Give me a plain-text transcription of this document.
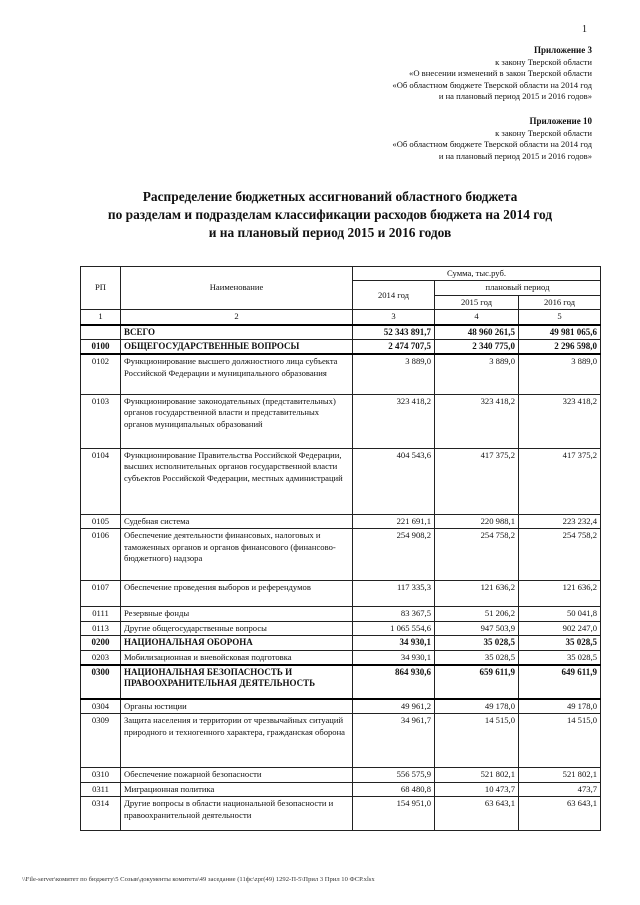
1
Приложение 3
к закону Тверской области
«О внесении изменений в закон Тверской области
«Об областном бюджете Тверской области на 2014 год
и на плановый период 2015 и 2016 годов»
Приложение 10
к закону Тверской области
«Об областном бюджете Тверской области на 2014 год
и на плановый период 2015 и 2016 годов»
Распределение бюджетных ассигнований областного бюджета
по разделам и подразделам классификации расходов бюджета на 2014 год
и на плановый период 2015 и 2016 годов
РП	Наименование	Сумма, тыс.руб.		
		2014 год	плановый период	
			2015 год	2016 год
1	2	3	4	5
	ВСЕГО	52 343 891,7	48 960 261,5	49 981 065,6
0100	ОБЩЕГОСУДАРСТВЕННЫЕ ВОПРОСЫ	2 474 707,5	2 340 775,0	2 296 598,0
0102	Функционирование высшего должностного лица субъекта Российской Федерации и муниципального образования	3 889,0	3 889,0	3 889,0
0103	Функционирование законодательных (представительных) органов государственной власти и представительных органов муниципальных образований	323 418,2	323 418,2	323 418,2
0104	Функционирование Правительства Российской Федерации, высших исполнительных органов государственной власти субъектов Российской Федерации, местных администраций	404 543,6	417 375,2	417 375,2
0105	Судебная система	221 691,1	220 988,1	223 232,4
0106	Обеспечение деятельности финансовых, налоговых и таможенных органов и органов финансового (финансово-бюджетного) надзора	254 908,2	254 758,2	254 758,2
0107	Обеспечение проведения выборов и референдумов	117 335,3	121 636,2	121 636,2
0111	Резервные фонды	83 367,5	51 206,2	50 041,8
0113	Другие общегосударственные вопросы	1 065 554,6	947 503,9	902 247,0
0200	НАЦИОНАЛЬНАЯ ОБОРОНА	34 930,1	35 028,5	35 028,5
0203	Мобилизационная и вневойсковая подготовка	34 930,1	35 028,5	35 028,5
0300	НАЦИОНАЛЬНАЯ БЕЗОПАСНОСТЬ И ПРАВООХРАНИТЕЛЬНАЯ ДЕЯТЕЛЬНОСТЬ	864 930,6	659 611,9	649 611,9
0304	Органы юстиции	49 961,2	49 178,0	49 178,0
0309	Защита населения и территории от чрезвычайных ситуаций природного и техногенного характера, гражданская оборона	34 961,7	14 515,0	14 515,0
0310	Обеспечение пожарной безопасности	556 575,9	521 802,1	521 802,1
0311	Миграционная политика	68 480,8	10 473,7	473,7
0314	Другие вопросы в области национальной безопасности и правоохранительной деятельности	154 951,0	63 643,1	63 643,1
\\File-server\комитет по бюджету\5 Созыв\документы комитета\49 заседание (11фс\zpr(49) 1292-П-5\Прил 3 Прил 10 ФСР.xlsx
